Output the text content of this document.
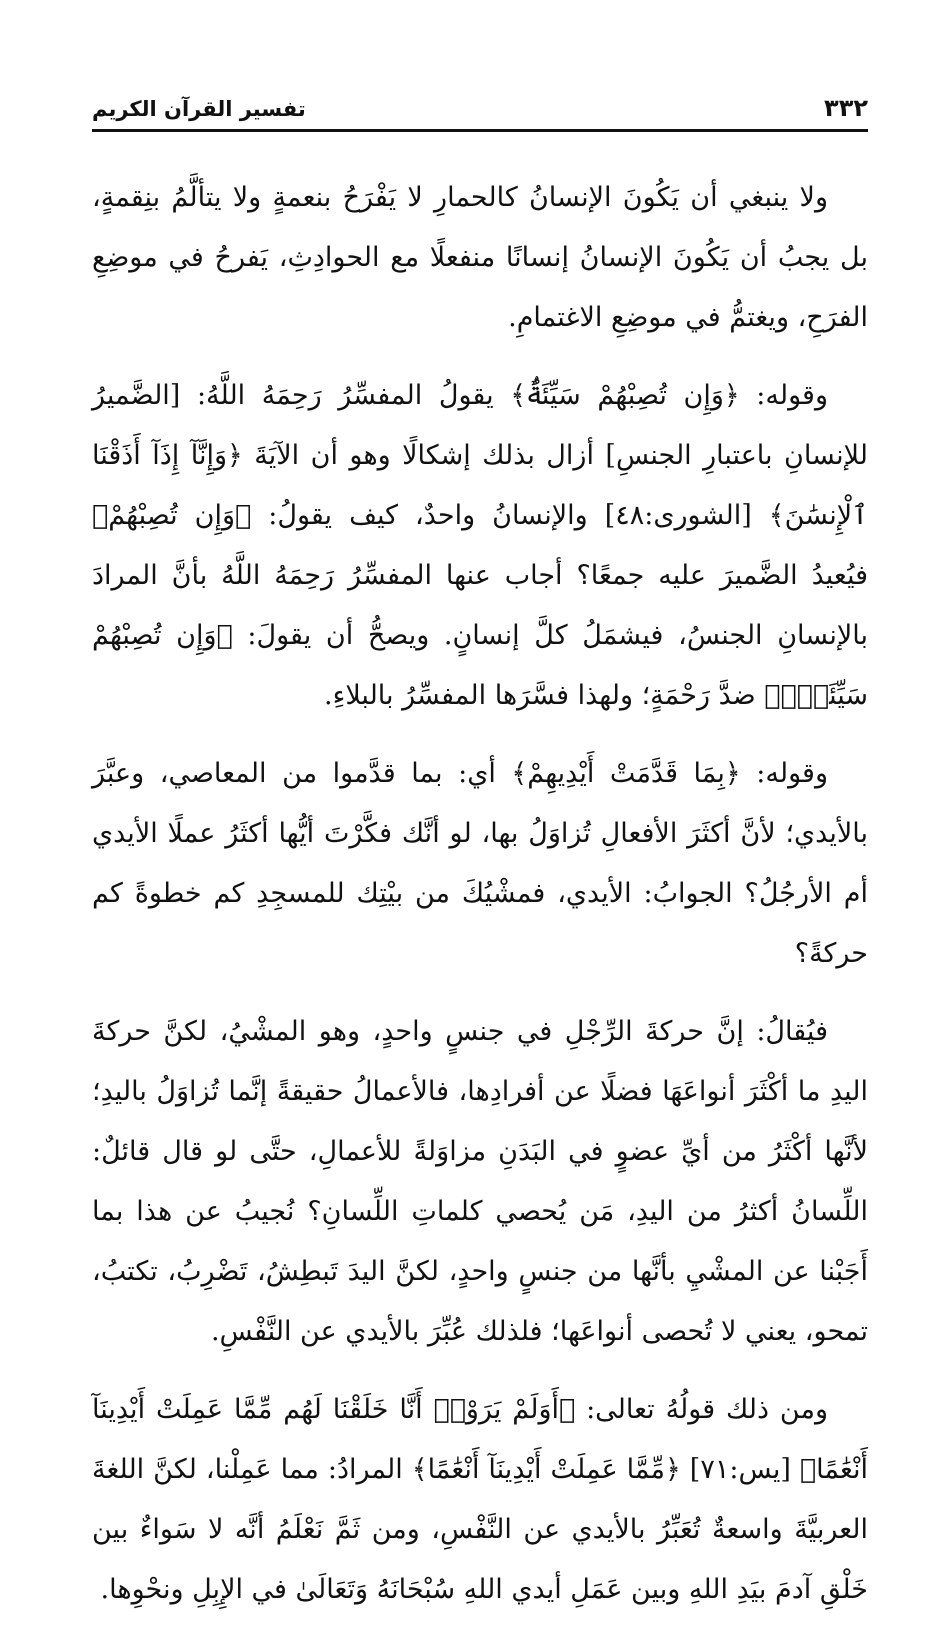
٣٣٢
تفسير القرآن الكريم

ولا ينبغي أن يَكُونَ الإنسانُ كالحمارِ لا يَفْرَحُ بنعمةٍ ولا يتألَّمُ بنِقمةٍ، بل يجبُ أن يَكُونَ الإنسانُ إنسانًا منفعلًا مع الحوادِثِ، يَفرحُ في موضِعِ الفرَحِ، ويغتمُّ في موضِعِ الاغتمامِ.

وقوله: ﴿وَإِن تُصِبْهُمْ سَيِّئَةٌۢ﴾ يقولُ المفسِّرُ رَحِمَهُ اللَّهُ: [الضَّميرُ للإنسانِ باعتبارِ الجنسِ] أزال بذلك إشكالًا وهو أن الآيَةَ ﴿وَإِنَّآ إِذَآ أَذَقْنَا ٱلْإِنسَٰنَ﴾ [الشورى:٤٨] والإنسانُ واحدٌ، كيف يقولُ: ﴿وَإِن تُصِبْهُمْ﴾ فيُعيدُ الضَّميرَ عليه جمعًا؟ أجاب عنها المفسِّرُ رَحِمَهُ اللَّهُ بأنَّ المرادَ بالإنسانِ الجنسُ، فيشمَلُ كلَّ إنسانٍ. ويصحُّ أن يقولَ: ﴿وَإِن تُصِبْهُمْ سَيِّئَةٌۢ﴾ ضدَّ رَحْمَةٍ؛ ولهذا فسَّرَها المفسِّرُ بالبلاءِ.

وقوله: ﴿بِمَا قَدَّمَتْ أَيْدِيهِمْ﴾ أي: بما قدَّموا من المعاصي، وعبَّرَ بالأيدي؛ لأنَّ أكثَرَ الأفعالِ تُزاوَلُ بها، لو أنَّك فكَّرْتَ أيُّها أكثَرُ عملًا الأيدي أم الأرجُلُ؟ الجوابُ: الأيدي، فمشْيُكَ من بيْتِك للمسجِدِ كم خطوةً كم حركةً؟

فيُقالُ: إنَّ حركةَ الرِّجْلِ في جنسٍ واحدٍ، وهو المشْيُ، لكنَّ حركةَ اليدِ ما أكْثَرَ أنواعَهَا فضلًا عن أفرادِها، فالأعمالُ حقيقةً إنَّما تُزاوَلُ باليدِ؛ لأنَّها أكْثَرُ من أيِّ عضوٍ في البَدَنِ مزاوَلةً للأعمالِ، حتَّى لو قال قائلٌ: اللِّسانُ أكثرُ من اليدِ، مَن يُحصي كلماتِ اللِّسانِ؟ نُجيبُ عن هذا بما أَجَبْنا عن المشْيِ بأنَّها من جنسٍ واحدٍ، لكنَّ اليدَ تَبطِشُ، تَضْرِبُ، تكتبُ، تمحو، يعني لا تُحصى أنواعَها؛ فلذلك عُبِّرَ بالأيدي عن النَّفْسِ.

ومن ذلك قولُهُ تعالى: ﴿أَوَلَمْ يَرَوْا۟ أَنَّا خَلَقْنَا لَهُم مِّمَّا عَمِلَتْ أَيْدِينَآ أَنْعَٰمًا﴾ [يس:٧١] ﴿مِّمَّا عَمِلَتْ أَيْدِينَآ أَنْعَٰمًا﴾ المرادُ: مما عَمِلْنا، لكنَّ اللغةَ العربيَّةَ واسعةٌ تُعَبِّرُ بالأيدي عن النَّفْسِ، ومن ثَمَّ نَعْلَمُ أنَّه لا سَواءٌ بين خَلْقِ آدمَ بيَدِ اللهِ وبين عَمَلِ أيدي اللهِ سُبْحَانَهُ وَتَعَالَىٰ في الإِبِلِ ونحْوِها.
